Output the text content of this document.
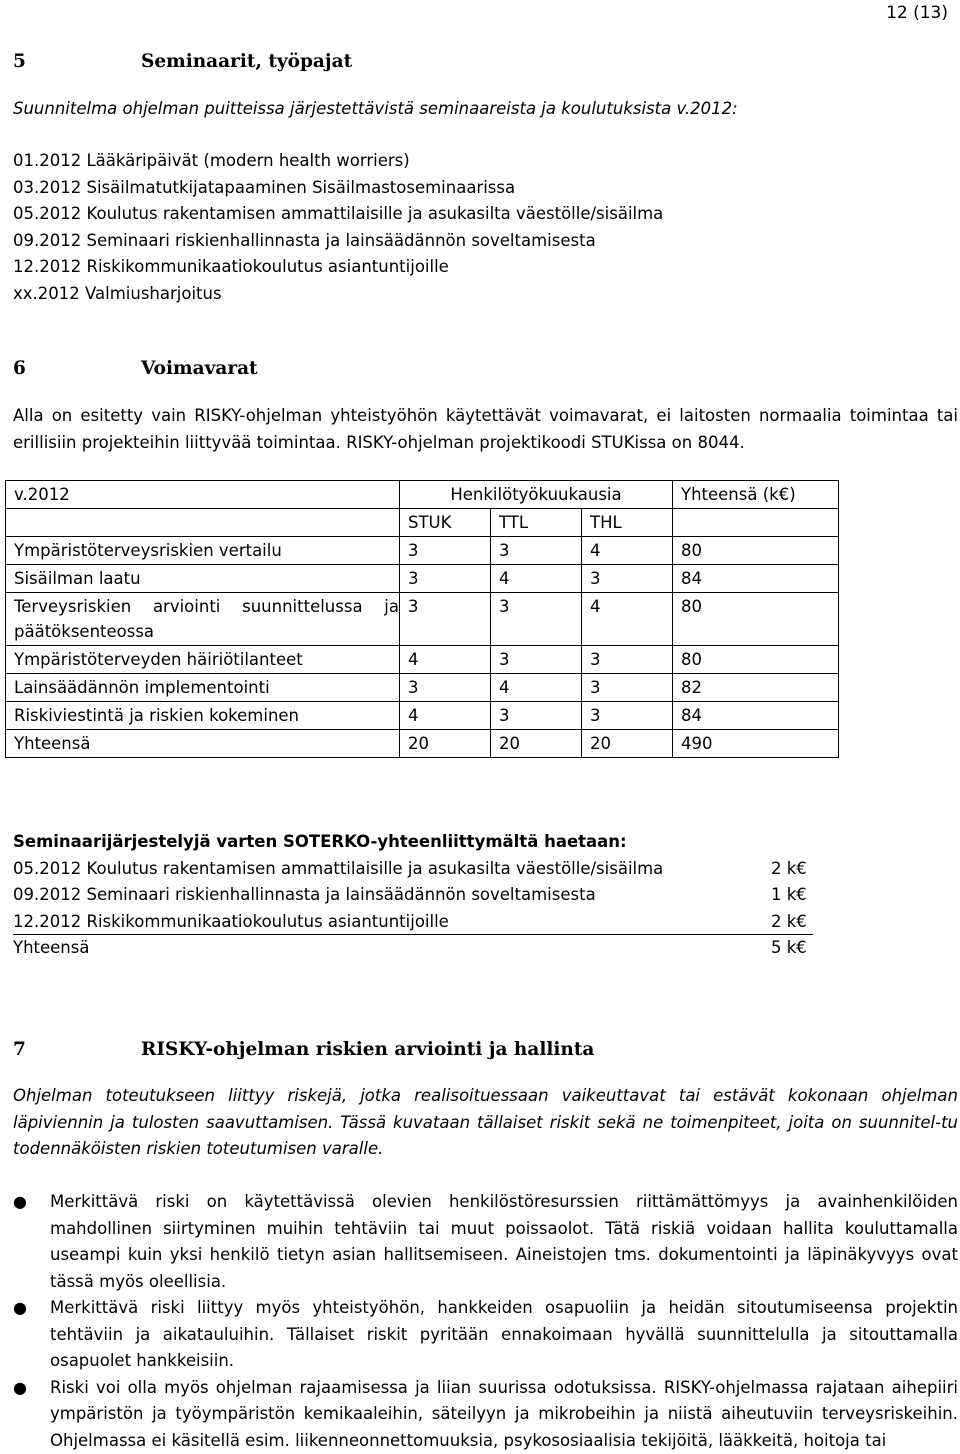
12 (13)
5	Seminaarit, työpajat
Suunnitelma ohjelman puitteissa järjestettävistä seminaareista ja koulutuksista v.2012:
01.2012 Lääkäripäivät (modern health worriers)
03.2012 Sisäilmatutkijatapaaminen Sisäilmastoseminaarissa
05.2012 Koulutus rakentamisen ammattilaisille ja asukasilta väestölle/sisäilma
09.2012 Seminaari riskienhallinnasta ja lainsäädännön soveltamisesta
12.2012 Riskikommunikaatiokoulutus asiantuntijoille
xx.2012 Valmiusharjoitus
6	Voimavarat
Alla on esitetty vain RISKY-ohjelman yhteistyöhön käytettävät voimavarat, ei laitosten normaalia toimintaa tai erillisiin projekteihin liittyvää toimintaa. RISKY-ohjelman projektikoodi STUKissa on 8044.
v.2012	Henkilötyökuukausia			Yhteensä (k€)
	STUK	TTL	THL	
Ympäristöterveysriskien vertailu	3	3	4	80
Sisäilman laatu	3	4	3	84
Terveysriskien arviointi suunnittelussa ja päätöksenteossa	3	3	4	80
Ympäristöterveyden häiriötilanteet	4	3	3	80
Lainsäädännön implementointi	3	4	3	82
Riskiviestintä ja riskien kokeminen	4	3	3	84
Yhteensä	20	20	20	490
Seminaarijärjestelyjä varten SOTERKO-yhteenliittymältä haetaan:
05.2012 Koulutus rakentamisen ammattilaisille ja asukasilta väestölle/sisäilma	2 k€
09.2012 Seminaari riskienhallinnasta ja lainsäädännön soveltamisesta	1 k€
12.2012 Riskikommunikaatiokoulutus asiantuntijoille	2 k€
Yhteensä	5 k€
7	RISKY-ohjelman riskien arviointi ja hallinta
Ohjelman toteutukseen liittyy riskejä, jotka realisoituessaan vaikeuttavat tai estävät kokonaan ohjelman läpiviennin ja tulosten saavuttamisen. Tässä kuvataan tällaiset riskit sekä ne toimenpiteet, joita on suunnitel-tu todennäköisten riskien toteutumisen varalle.
● Merkittävä riski on käytettävissä olevien henkilöstöresurssien riittämättömyys ja avainhenkilöiden mahdollinen siirtyminen muihin tehtäviin tai muut poissaolot. Tätä riskiä voidaan hallita kouluttamalla useampi kuin yksi henkilö tietyn asian hallitsemiseen. Aineistojen tms. dokumentointi ja läpinäkyvyys ovat tässä myös oleellisia.
● Merkittävä riski liittyy myös yhteistyöhön, hankkeiden osapuoliin ja heidän sitoutumiseensa projektin tehtäviin ja aikatauluihin. Tällaiset riskit pyritään ennakoimaan hyvällä suunnittelulla ja sitouttamalla osapuolet hankkeisiin.
● Riski voi olla myös ohjelman rajaamisessa ja liian suurissa odotuksissa. RISKY-ohjelmassa rajataan aihepiiri ympäristön ja työympäristön kemikaaleihin, säteilyyn ja mikrobeihin ja niistä aiheutuviin terveysriskeihin. Ohjelmassa ei käsitellä esim. liikenneonnettomuuksia, psykososiaalisia tekijöitä, lääkkeitä, hoitoja tai
